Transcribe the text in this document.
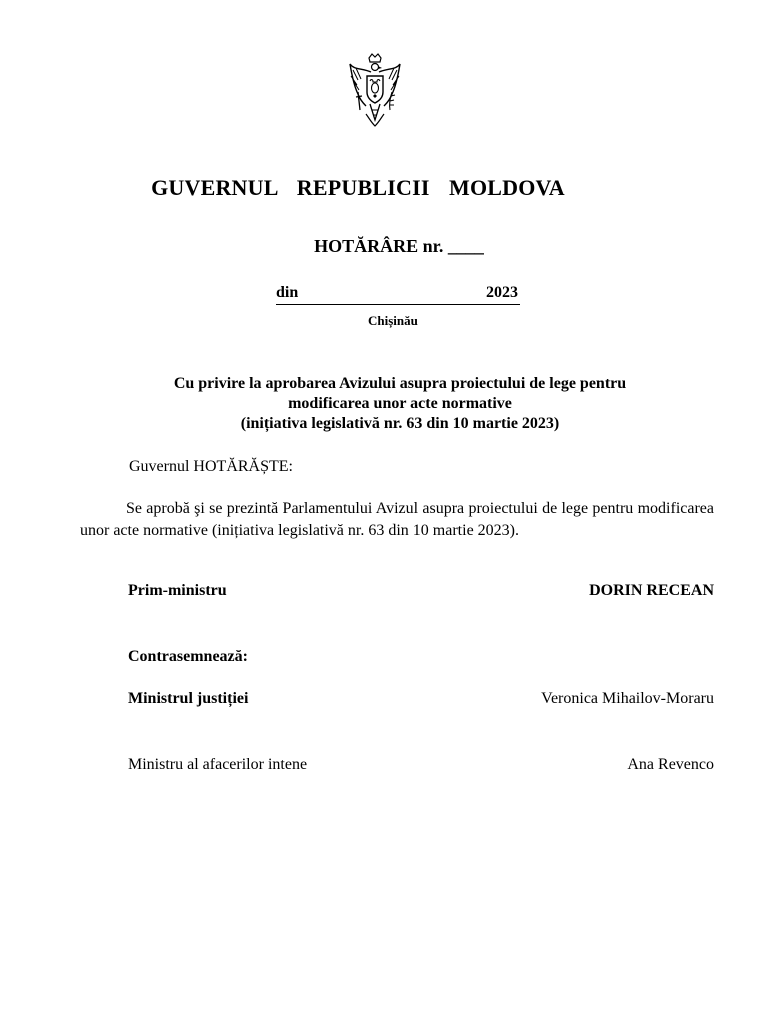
GUVERNUL  REPUBLICII  MOLDOVA
HOTĂRÂRE nr. ____
din	2023
Chișinău
Cu privire la aprobarea Avizului asupra proiectului de lege pentru
modificarea unor acte normative
(inițiativa legislativă nr. 63 din 10 martie 2023)
Guvernul HOTĂRĂȘTE:
Se aprobă şi se prezintă Parlamentului Avizul asupra proiectului de lege pentru modificarea unor acte normative (inițiativa legislativă nr. 63 din 10 martie 2023).
Prim-ministru	DORIN RECEAN
Contrasemnează:
Ministrul justiției	Veronica Mihailov-Moraru
Ministru al afacerilor intene	Ana Revenco
